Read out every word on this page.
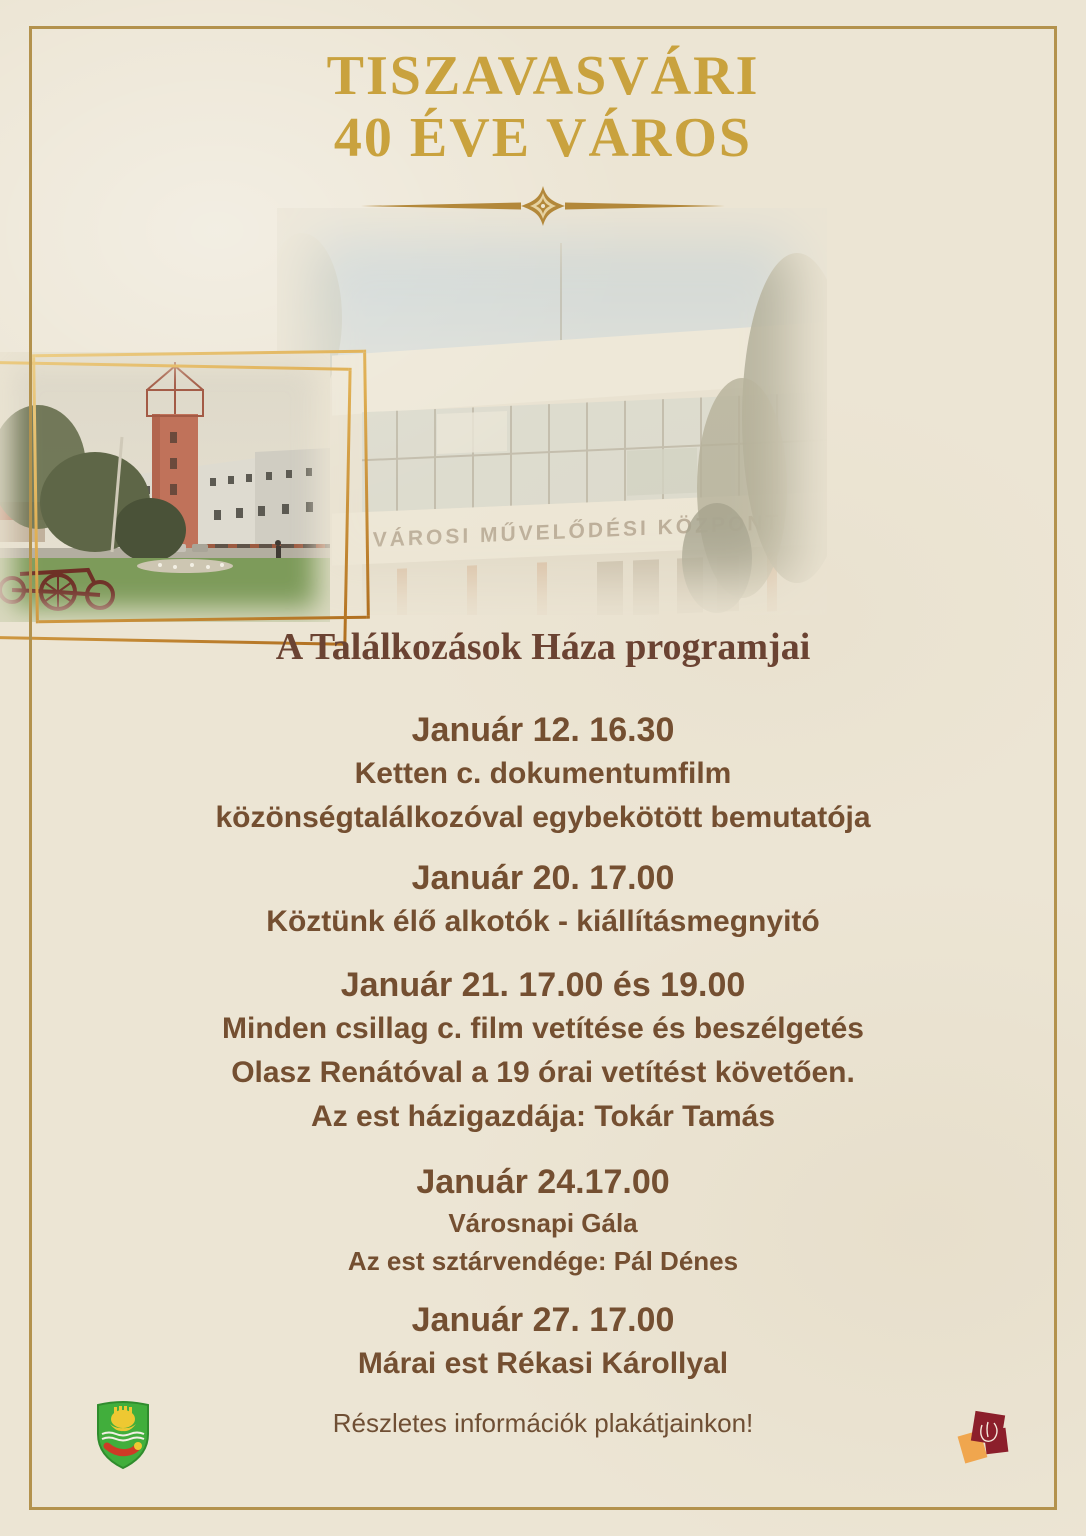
TISZAVASVÁRI
40 ÉVE VÁROS
VÁROSI MŰVELŐDÉSI KÖZPONT
A Találkozások Háza programjai
Január 12. 16.30
Ketten c. dokumentumfilm
közönségtalálkozóval egybekötött bemutatója
Január 20. 17.00
Köztünk élő alkotók - kiállításmegnyitó
Január 21. 17.00 és 19.00
Minden csillag c. film vetítése és beszélgetés
Olasz Renátóval a 19 órai vetítést követően.
Az est házigazdája: Tokár Tamás
Január 24.17.00
Városnapi Gála
Az est sztárvendége: Pál Dénes
Január 27. 17.00
Márai est Rékasi Károllyal
Részletes információk plakátjainkon!
